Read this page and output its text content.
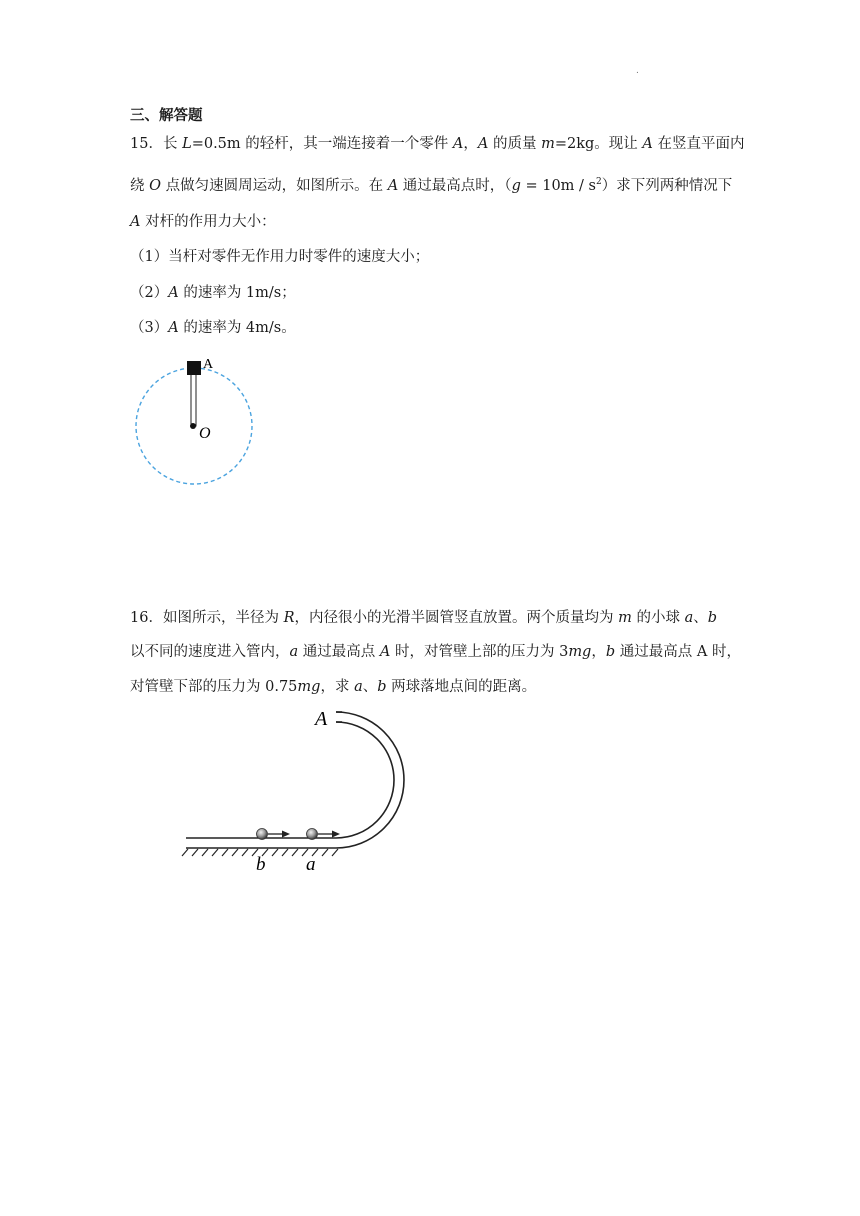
.
三、解答题
15．长 L=0.5m 的轻杆，其一端连接着一个零件 A，A 的质量 m=2kg。现让 A 在竖直平面内
绕 O 点做匀速圆周运动，如图所示。在 A 通过最高点时，$(g = 10m / s^2)$求下列两种情况下
A 对杆的作用力大小：
（1）当杆对零件无作用力时零件的速度大小；
（2）A 的速率为 1m/s；
（3）A 的速率为 4m/s。
A
O
16．如图所示，半径为 R，内径很小的光滑半圆管竖直放置。两个质量均为 m 的小球 a、b
以不同的速度进入管内，a 通过最高点 A 时，对管壁上部的压力为 3mg，b 通过最高点 A 时，
对管壁下部的压力为 0.75mg，求 a、b 两球落地点间的距离。
A
b a
